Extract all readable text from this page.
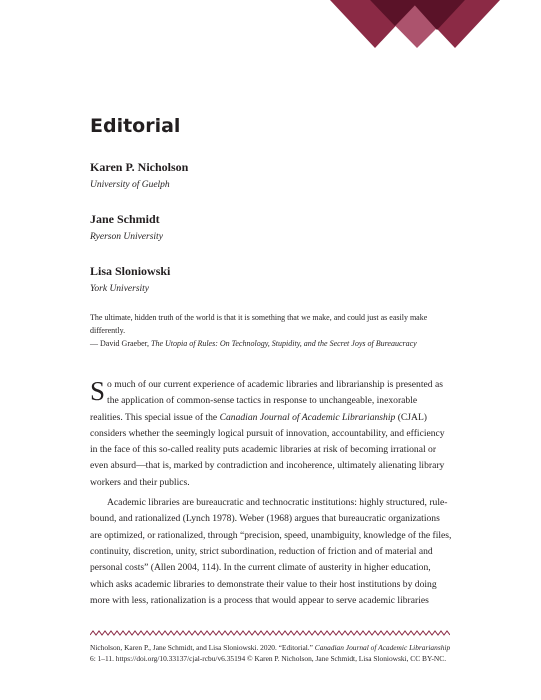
Editorial
Karen P. Nicholson
University of Guelph
Jane Schmidt
Ryerson University
Lisa Sloniowski
York University
The ultimate, hidden truth of the world is that it is something that we make, and could just as easily make differently.
— David Graeber, The Utopia of Rules: On Technology, Stupidity, and the Secret Joys of Bureaucracy

So much of our current experience of academic libraries and librarianship is presented as the application of common-sense tactics in response to unchangeable, inexorable realities. This special issue of the Canadian Journal of Academic Librarianship (CJAL) considers whether the seemingly logical pursuit of innovation, accountability, and efficiency in the face of this so-called reality puts academic libraries at risk of becoming irrational or even absurd—that is, marked by contradiction and incoherence, ultimately alienating library workers and their publics.

Academic libraries are bureaucratic and technocratic institutions: highly structured, rule-bound, and rationalized (Lynch 1978). Weber (1968) argues that bureaucratic organizations are optimized, or rationalized, through “precision, speed, unambiguity, knowledge of the files, continuity, discretion, unity, strict subordination, reduction of friction and of material and personal costs” (Allen 2004, 114). In the current climate of austerity in higher education, which asks academic libraries to demonstrate their value to their host institutions by doing more with less, rationalization is a process that would appear to serve academic libraries

Nicholson, Karen P., Jane Schmidt, and Lisa Sloniowski. 2020. “Editorial.” Canadian Journal of Academic Librarianship 6: 1–11. https://doi.org/10.33137/cjal-rcbu/v6.35194 © Karen P. Nicholson, Jane Schmidt, Lisa Sloniowski, CC BY-NC.
